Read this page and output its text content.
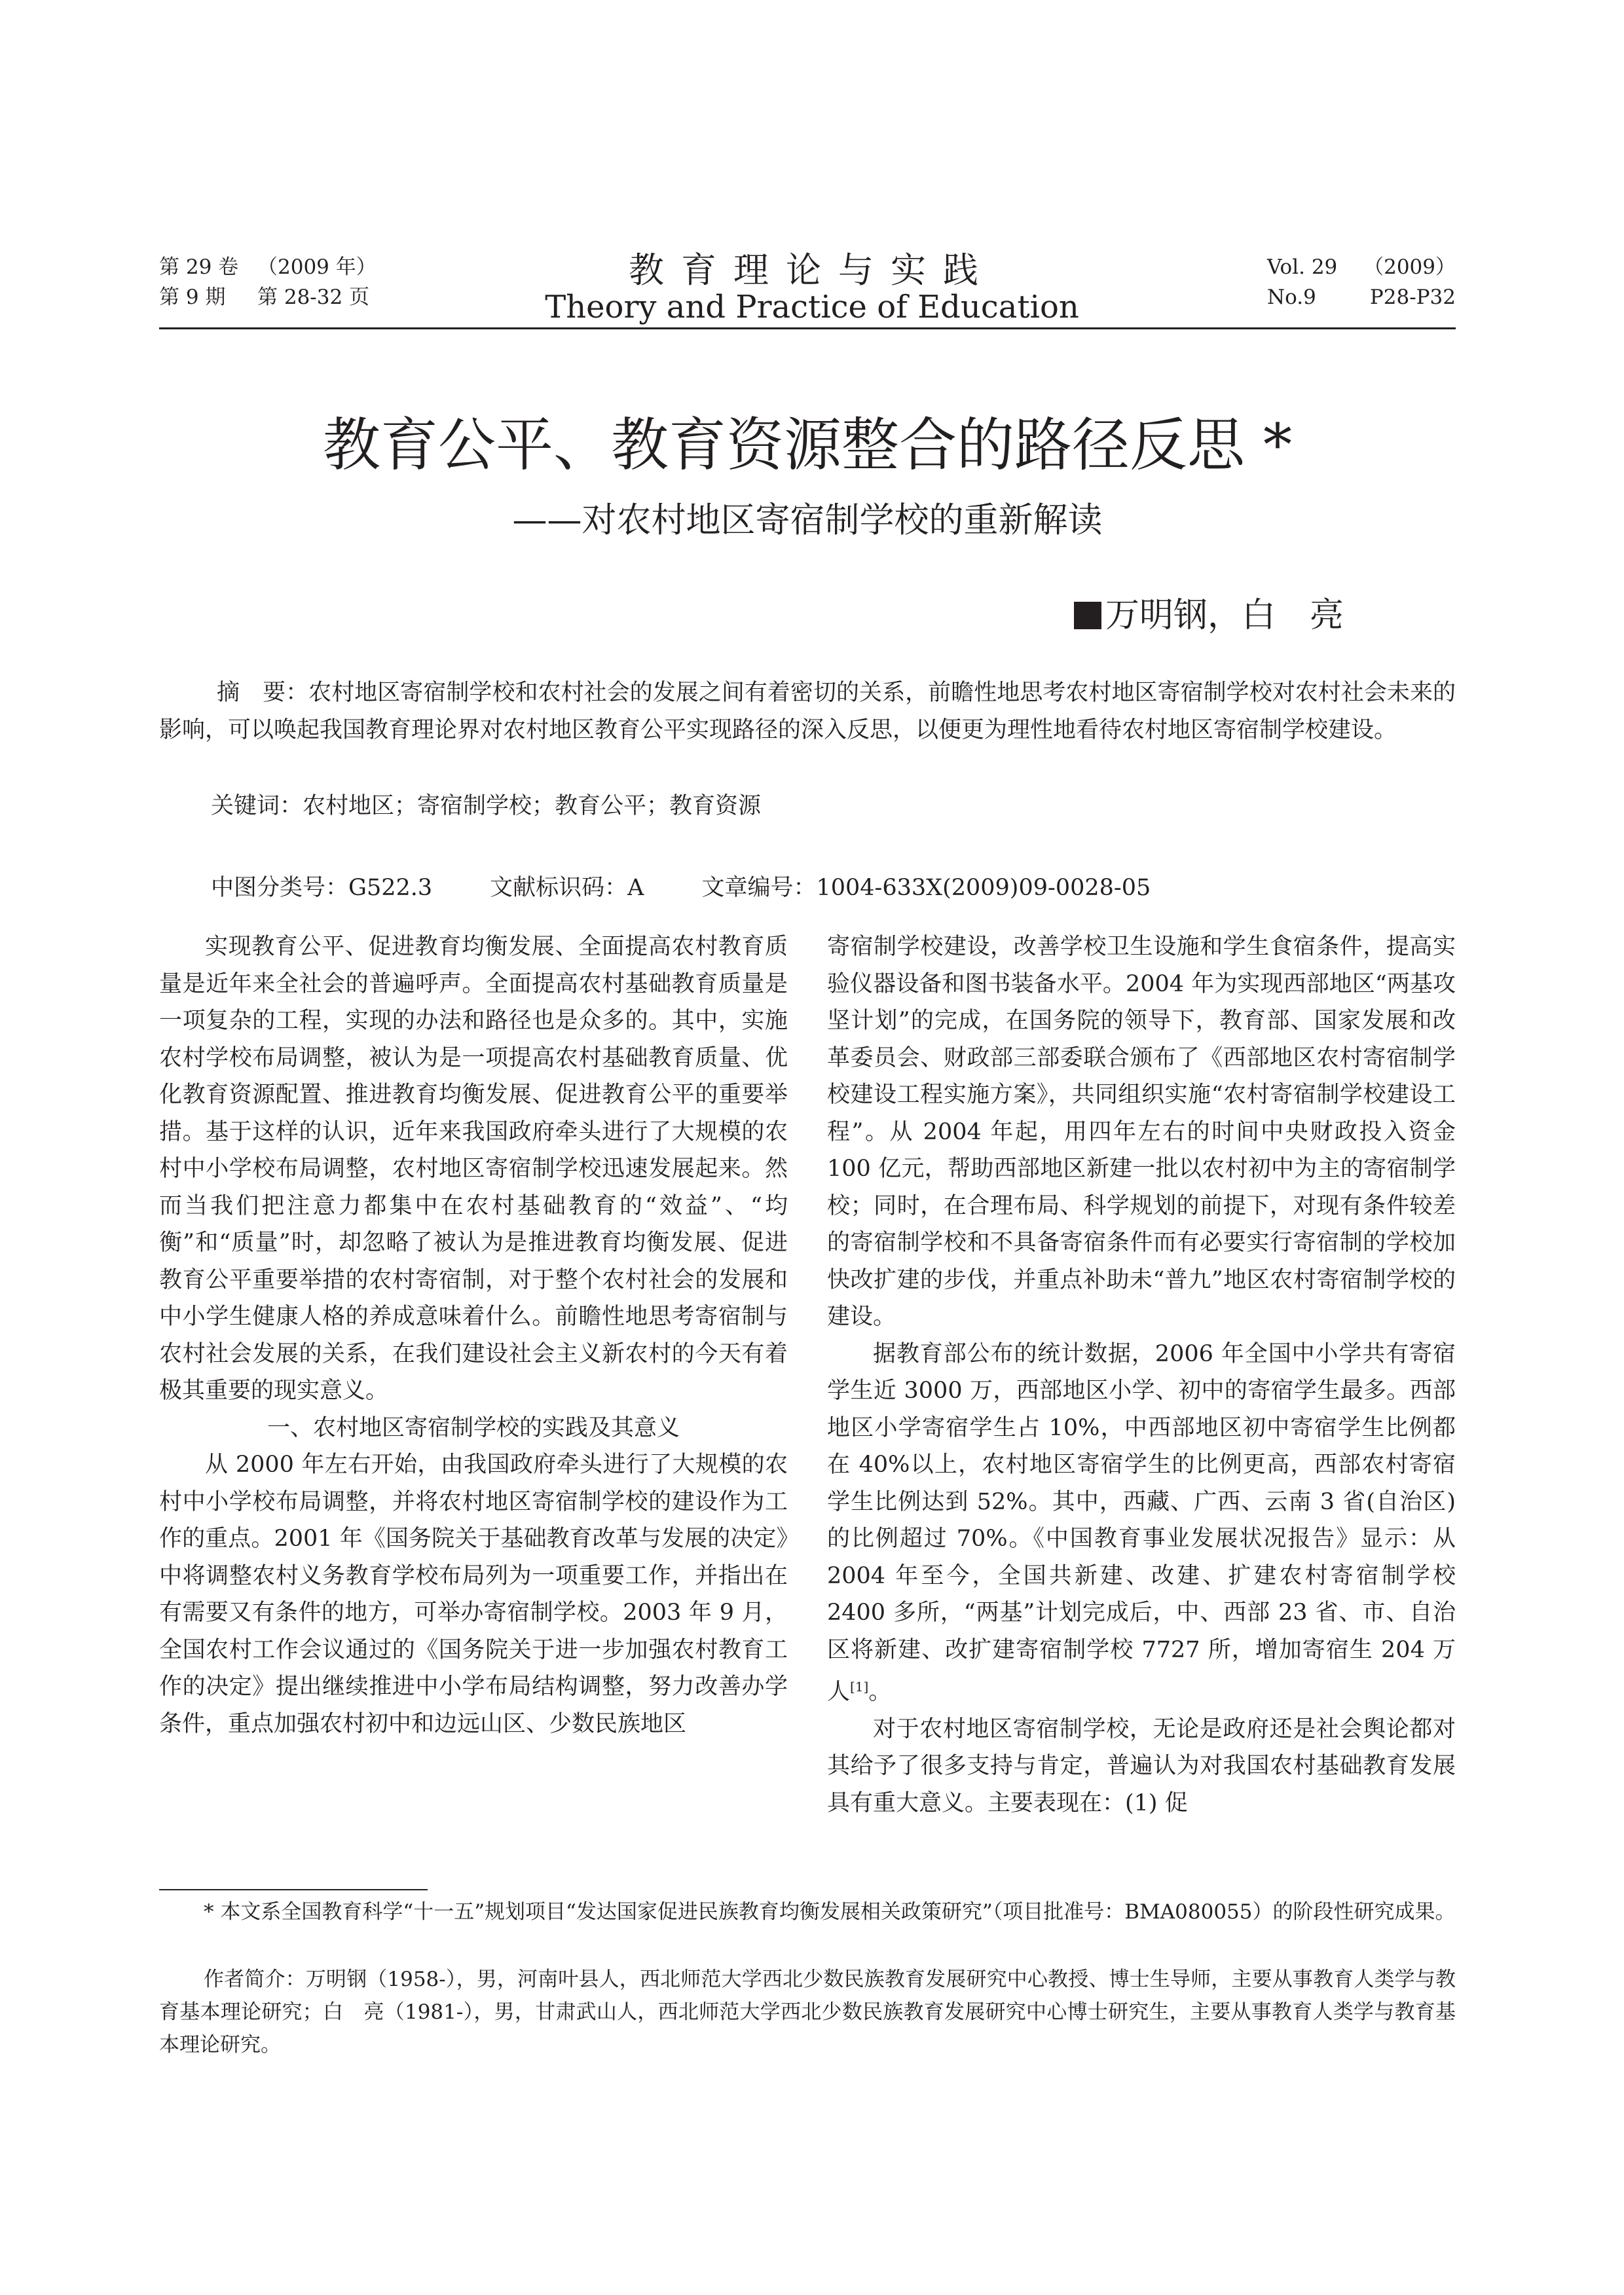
第 29 卷 （2009 年）
第 9 期 第 28-32 页
教育理论与实践
Theory and Practice of Education
Vol. 29 （2009）
No.9	P28-P32
教育公平、教育资源整合的路径反思 *
——对农村地区寄宿制学校的重新解读
万明钢，白　亮
摘　要：农村地区寄宿制学校和农村社会的发展之间有着密切的关系，前瞻性地思考农村地区寄宿制学校对农村社会未来的影响，可以唤起我国教育理论界对农村地区教育公平实现路径的深入反思，以便更为理性地看待农村地区寄宿制学校建设。
关键词：农村地区；寄宿制学校；教育公平；教育资源
中图分类号：G522.3	文献标识码：A	文章编号：1004-633X(2009)09-0028-05

实现教育公平、促进教育均衡发展、全面提高农村教育质量是近年来全社会的普遍呼声。全面提高农村基础教育质量是一项复杂的工程，实现的办法和路径也是众多的。其中，实施农村学校布局调整，被认为是一项提高农村基础教育质量、优化教育资源配置、推进教育均衡发展、促进教育公平的重要举措。基于这样的认识，近年来我国政府牵头进行了大规模的农村中小学校布局调整，农村地区寄宿制学校迅速发展起来。然而当我们把注意力都集中在农村基础教育的“效益”、“均衡”和“质量”时，却忽略了被认为是推进教育均衡发展、促进教育公平重要举措的农村寄宿制，对于整个农村社会的发展和中小学生健康人格的养成意味着什么。前瞻性地思考寄宿制与农村社会发展的关系，在我们建设社会主义新农村的今天有着极其重要的现实意义。

一、农村地区寄宿制学校的实践及其意义

从 2000 年左右开始，由我国政府牵头进行了大规模的农村中小学校布局调整，并将农村地区寄宿制学校的建设作为工作的重点。2001 年《国务院关于基础教育改革与发展的决定》中将调整农村义务教育学校布局列为一项重要工作，并指出在有需要又有条件的地方，可举办寄宿制学校。2003 年 9 月，全国农村工作会议通过的《国务院关于进一步加强农村教育工作的决定》提出继续推进中小学布局结构调整，努力改善办学条件，重点加强农村初中和边远山区、少数民族地区

寄宿制学校建设，改善学校卫生设施和学生食宿条件，提高实验仪器设备和图书装备水平。2004 年为实现西部地区“两基攻坚计划”的完成，在国务院的领导下，教育部、国家发展和改革委员会、财政部三部委联合颁布了《西部地区农村寄宿制学校建设工程实施方案》，共同组织实施“农村寄宿制学校建设工程”。从 2004 年起，用四年左右的时间中央财政投入资金 100 亿元，帮助西部地区新建一批以农村初中为主的寄宿制学校；同时，在合理布局、科学规划的前提下，对现有条件较差的寄宿制学校和不具备寄宿条件而有必要实行寄宿制的学校加快改扩建的步伐，并重点补助未“普九”地区农村寄宿制学校的建设。

据教育部公布的统计数据，2006 年全国中小学共有寄宿学生近 3000 万，西部地区小学、初中的寄宿学生最多。西部地区小学寄宿学生占 10%，中西部地区初中寄宿学生比例都在 40%以上，农村地区寄宿学生的比例更高，西部农村寄宿学生比例达到 52%。其中，西藏、广西、云南 3 省(自治区)的比例超过 70%。《中国教育事业发展状况报告》显示：从 2004 年至今，全国共新建、改建、扩建农村寄宿制学校 2400 多所，“两基”计划完成后，中、西部 23 省、市、自治区将新建、改扩建寄宿制学校 7727 所，增加寄宿生 204 万人[1]。

对于农村地区寄宿制学校，无论是政府还是社会舆论都对其给予了很多支持与肯定，普遍认为对我国农村基础教育发展具有重大意义。主要表现在：(1) 促

* 本文系全国教育科学“十一五”规划项目“发达国家促进民族教育均衡发展相关政策研究”（项目批准号：BMA080055）的阶段性研究成果。
作者简介：万明钢（1958-），男，河南叶县人，西北师范大学西北少数民族教育发展研究中心教授、博士生导师，主要从事教育人类学与教育基本理论研究；白　亮（1981-），男，甘肃武山人，西北师范大学西北少数民族教育发展研究中心博士研究生，主要从事教育人类学与教育基本理论研究。
